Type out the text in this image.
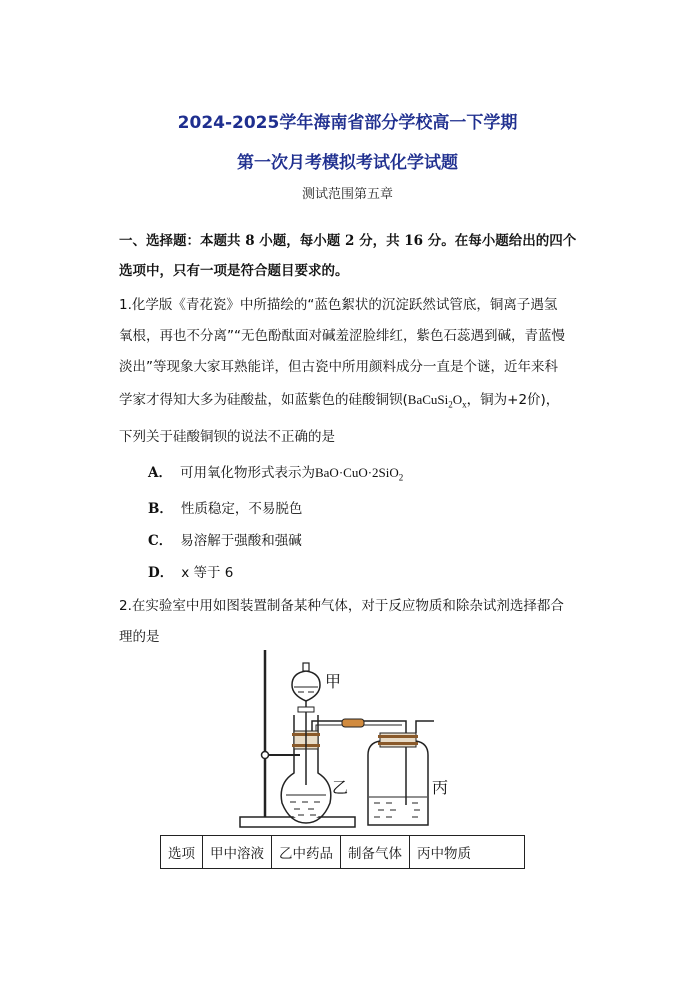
2024-2025学年海南省部分学校高一下学期
第一次月考模拟考试化学试题
测试范围第五章
一、选择题：本题共 8 小题，每小题 2 分，共 16 分。在每小题给出的四个
选项中，只有一项是符合题目要求的。
1.化学版《青花瓷》中所描绘的“蓝色絮状的沉淀跃然试管底，铜离子遇氢
氧根，再也不分离”“无色酚酞面对碱羞涩脸绯红，紫色石蕊遇到碱，青蓝慢
淡出”等现象大家耳熟能详，但古瓷中所用颜料成分一直是个谜，近年来科
学家才得知大多为硅酸盐，如蓝紫色的硅酸铜钡($BaCuSi_2O_x$，铜为+2价)，
下列关于硅酸铜钡的说法不正确的是
A． 可用氧化物形式表示为BaO·CuO·2SiO$_2$
B． 性质稳定，不易脱色
C． 易溶解于强酸和强碱
D． x 等于 6
2.在实验室中用如图装置制备某种气体，对于反应物质和除杂试剂选择都合
理的是
甲
乙	丙
选项	甲中溶液	乙中药品	制备气体	丙中物质
